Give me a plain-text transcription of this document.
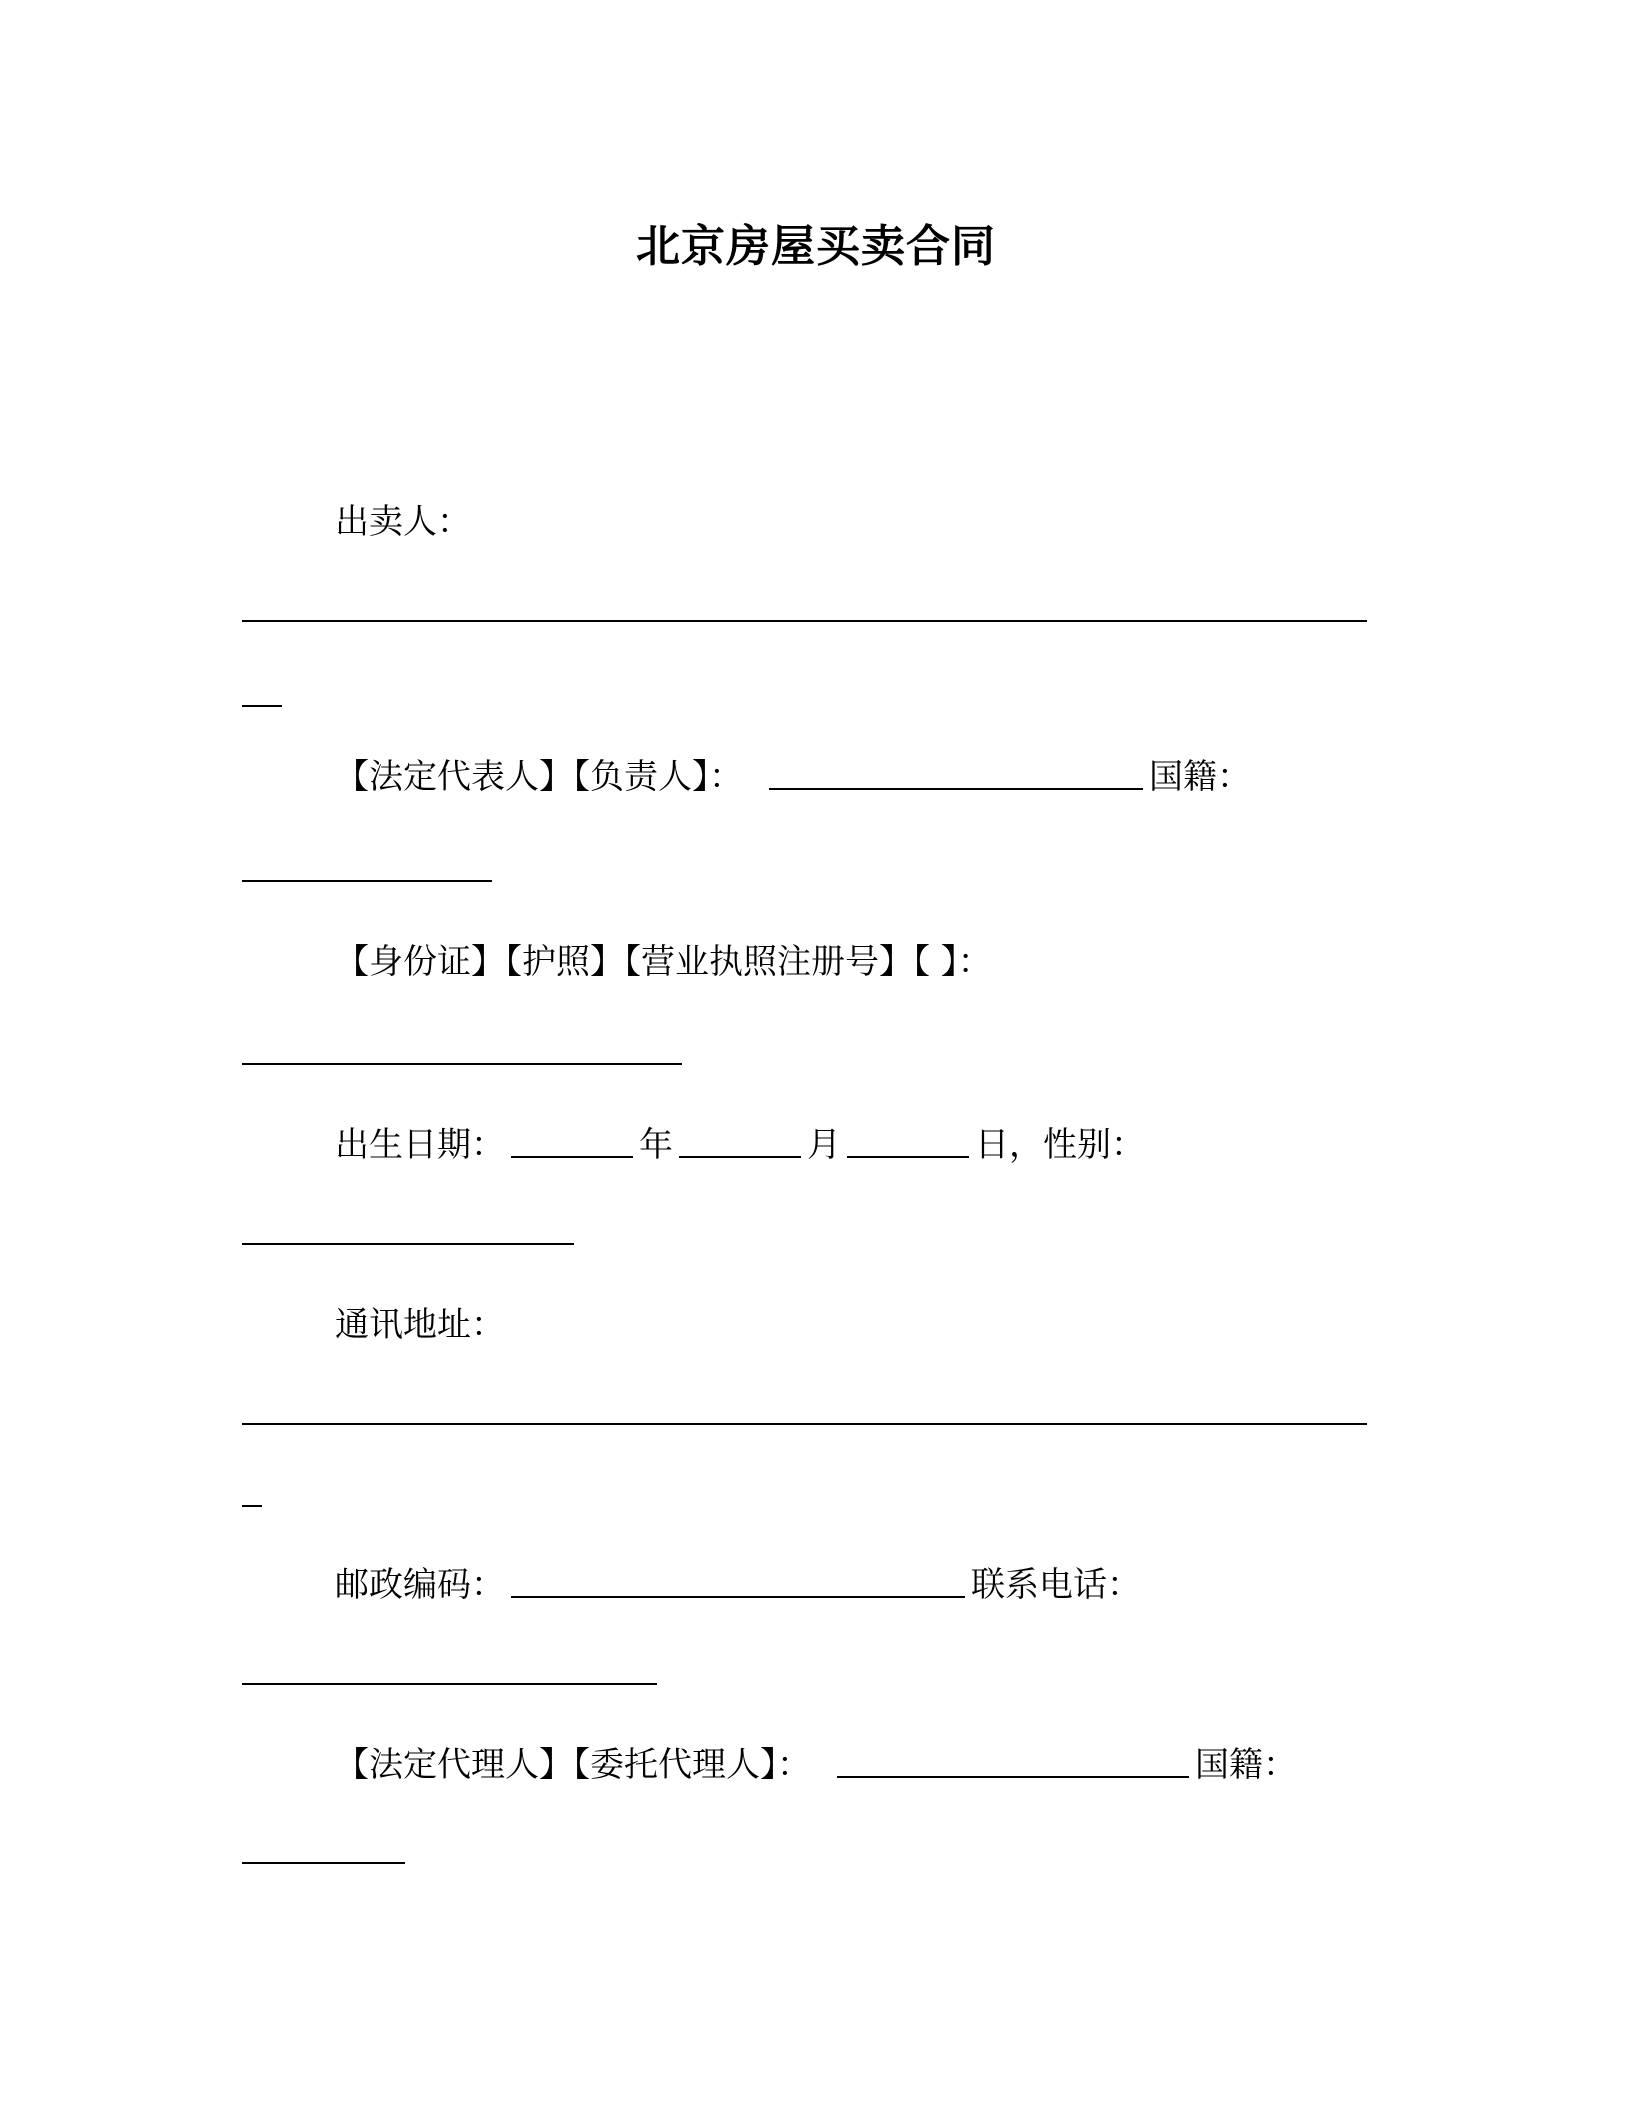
北京房屋买卖合同
出卖人：
【法定代表人】【负责人】：	国籍：
【身份证】【护照】【营业执照注册号】【 】：
出生日期：	年	月	日，性别：
通讯地址：
邮政编码：	联系电话：
【法定代理人】【委托代理人】：	国籍：
